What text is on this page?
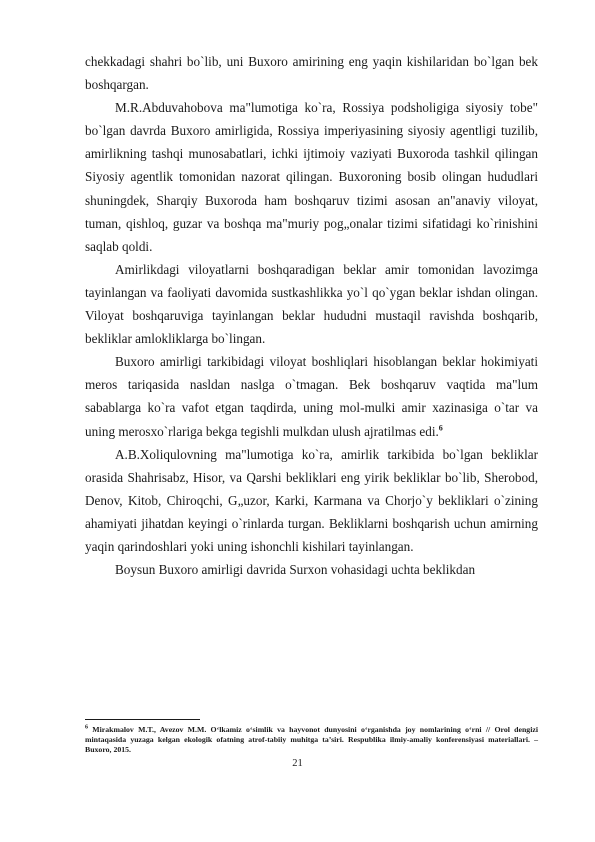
chekkadagi shahri bo`lib, uni Buxoro amirining eng yaqin kishilaridan bo`lgan bek boshqargan.

M.R.Abduvahobova ma"lumotiga ko`ra, Rossiya podsholigiga siyosiy tobe" bo`lgan davrda Buxoro amirligida, Rossiya imperiyasining siyosiy agentligi tuzilib, amirlikning tashqi munosabatlari, ichki ijtimoiy vaziyati Buxoroda tashkil qilingan Siyosiy agentlik tomonidan nazorat qilingan. Buxoroning bosib olingan hududlari shuningdek, Sharqiy Buxoroda ham boshqaruv tizimi asosan an"anaviy viloyat, tuman, qishloq, guzar va boshqa ma"muriy pog„onalar tizimi sifatidagi ko`rinishini saqlab qoldi.

Amirlikdagi viloyatlarni boshqaradigan beklar amir tomonidan lavozimga tayinlangan va faoliyati davomida sustkashlikka yo`l qo`ygan beklar ishdan olingan. Viloyat boshqaruviga tayinlangan beklar hududni mustaqil ravishda boshqarib, bekliklar amlokliklarga bo`lingan.

Buxoro amirligi tarkibidagi viloyat boshliqlari hisoblangan beklar hokimiyati meros tariqasida nasldan naslga o`tmagan. Bek boshqaruv vaqtida ma"lum sabablarga ko`ra vafot etgan taqdirda, uning mol-mulki amir xazinasiga o`tar va uning merosxo`rlariga bekga tegishli mulkdan ulush ajratilmas edi.$^6$

A.B.Xoliqulovning ma"lumotiga ko`ra, amirlik tarkibida bo`lgan bekliklar orasida Shahrisabz, Hisor, va Qarshi bekliklari eng yirik bekliklar bo`lib, Sherobod, Denov, Kitob, Chiroqchi, G„uzor, Karki, Karmana va Chorjo`y bekliklari o`zining ahamiyati jihatdan keyingi o`rinlarda turgan. Bekliklarni boshqarish uchun amirning yaqin qarindoshlari yoki uning ishonchli kishilari tayinlangan.

Boysun Buxoro amirligi davrida Surxon vohasidagi uchta beklikdan

$^6$ Mirakmalov M.T., Avezov M.M. O‘lkamiz o‘simlik va hayvonot dunyosini o‘rganishda joy nomlarining o‘rni // Orol dengizi mintaqasida yuzaga kelgan ekologik ofatning atrof-tabiiy muhitga ta’siri. Respublika ilmiy-amaliy konferensiyasi materiallari. –Buxoro, 2015.

21
